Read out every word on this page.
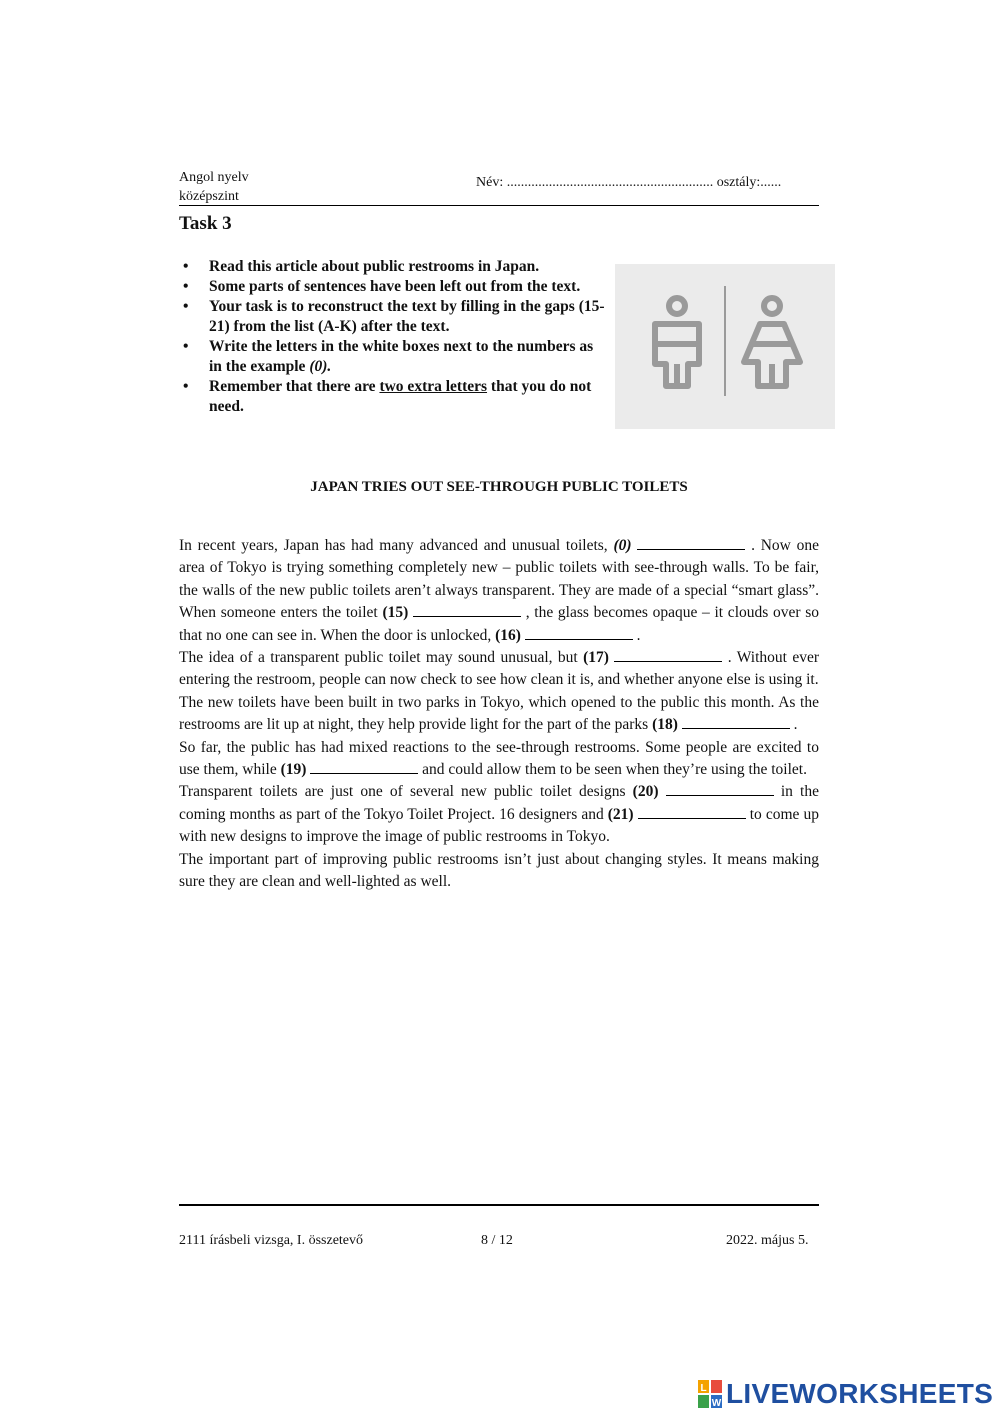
Angol nyelv
középszint
Név: ........................................................... osztály:......
Task 3
• Read this article about public restrooms in Japan.
• Some parts of sentences have been left out from the text.
• Your task is to reconstruct the text by filling in the gaps (15-21) from the list (A-K) after the text.
• Write the letters in the white boxes next to the numbers as in the example (0).
• Remember that there are two extra letters that you do not need.
JAPAN TRIES OUT SEE-THROUGH PUBLIC TOILETS

In recent years, Japan has had many advanced and unusual toilets, (0)	. Now one area of Tokyo is trying something completely new – public toilets with see-through walls. To be fair, the walls of the new public toilets aren’t always transparent. They are made of a special “smart glass”. When someone enters the toilet (15)	, the glass becomes opaque – it clouds over so that no one can see in. When the door is unlocked, (16)	.

The idea of a transparent public toilet may sound unusual, but (17)	. Without ever entering the restroom, people can now check to see how clean it is, and whether anyone else is using it.

The new toilets have been built in two parks in Tokyo, which opened to the public this month. As the restrooms are lit up at night, they help provide light for the part of the parks (18)	.

So far, the public has had mixed reactions to the see-through restrooms. Some people are excited to use them, while (19)	and could allow them to be seen when they’re using the toilet.

Transparent toilets are just one of several new public toilet designs (20)	in the coming months as part of the Tokyo Toilet Project. 16 designers and (21)	to come up with new designs to improve the image of public restrooms in Tokyo.

The important part of improving public restrooms isn’t just about changing styles. It means making sure they are clean and well-lighted as well.

2111 írásbeli vizsga, I. összetevő	8 / 12	2022. május 5.
L
W LIVEWORKSHEETS
